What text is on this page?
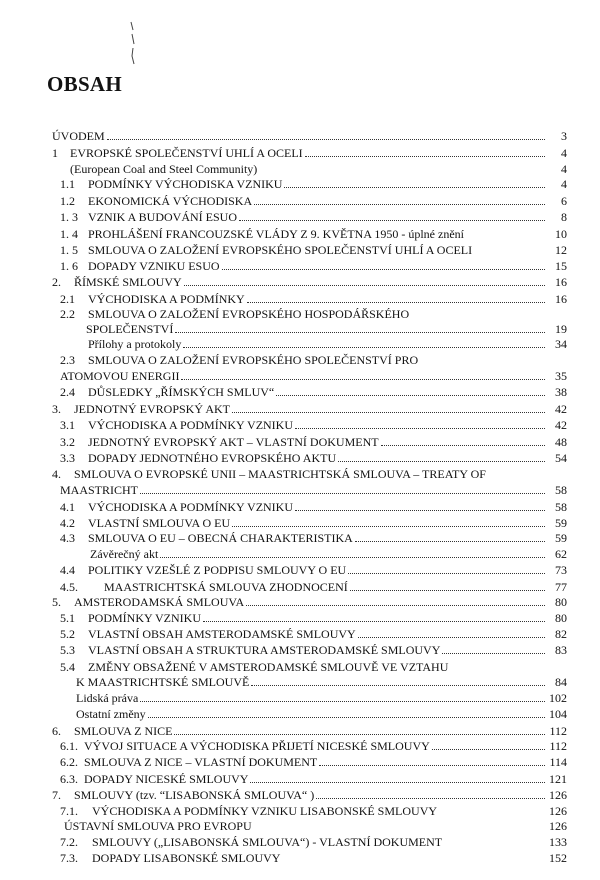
OBSAH
ÚVODEM	3
1 EVROPSKÉ SPOLEČENSTVÍ UHLÍ A OCELI	4
(European Coal and Steel Community)	4
1.1 PODMÍNKY VÝCHODISKA VZNIKU	4
1.2 EKONOMICKÁ VÝCHODISKA	6
1. 3 VZNIK A BUDOVÁNÍ ESUO	8
1. 4 PROHLÁŠENÍ FRANCOUZSKÉ VLÁDY Z 9. KVĚTNA 1950 - úplné znění	10
1. 5 SMLOUVA O ZALOŽENÍ EVROPSKÉHO SPOLEČENSTVÍ UHLÍ A OCELI	12
1. 6 DOPADY VZNIKU ESUO	15
2. ŘÍMSKÉ SMLOUVY	16
2.1 VÝCHODISKA A PODMÍNKY	16
2.2 SMLOUVA O ZALOŽENÍ EVROPSKÉHO HOSPODÁŘSKÉHO
SPOLEČENSTVÍ	19
Přílohy a protokoly	34
2.3 SMLOUVA O ZALOŽENÍ EVROPSKÉHO SPOLEČENSTVÍ PRO
ATOMOVOU ENERGII	35
2.4 DŮSLEDKY „ŘÍMSKÝCH SMLUV“	38
3. JEDNOTNÝ EVROPSKÝ AKT	42
3.1 VÝCHODISKA A PODMÍNKY VZNIKU	42
3.2 JEDNOTNÝ EVROPSKÝ AKT – VLASTNÍ DOKUMENT	48
3.3 DOPADY JEDNOTNÉHO EVROPSKÉHO AKTU	54
4. SMLOUVA O EVROPSKÉ UNII – MAASTRICHTSKÁ SMLOUVA – TREATY OF
MAASTRICHT	58
4.1 VÝCHODISKA A PODMÍNKY VZNIKU	58
4.2 VLASTNÍ SMLOUVA O EU	59
4.3 SMLOUVA O EU – OBECNÁ CHARAKTERISTIKA	59
Závěrečný akt	62
4.4 POLITIKY VZEŠLÉ Z PODPISU SMLOUVY O EU	73
4.5. MAASTRICHTSKÁ SMLOUVA ZHODNOCENÍ	77
5. AMSTERODAMSKÁ SMLOUVA	80
5.1 PODMÍNKY VZNIKU	80
5.2 VLASTNÍ OBSAH AMSTERODAMSKÉ SMLOUVY	82
5.3 VLASTNÍ OBSAH A STRUKTURA AMSTERODAMSKÉ SMLOUVY	83
5.4 ZMĚNY OBSAŽENÉ V AMSTERODAMSKÉ SMLOUVĚ VE VZTAHU
K MAASTRICHTSKÉ SMLOUVĚ	84
Lidská práva	102
Ostatní změny	104
6. SMLOUVA Z NICE	112
6.1. VÝVOJ SITUACE A VÝCHODISKA PŘIJETÍ NICESKÉ SMLOUVY	112
6.2. SMLOUVA Z NICE – VLASTNÍ DOKUMENT	114
6.3. DOPADY NICESKÉ SMLOUVY	121
7. SMLOUVY (tzv. “LISABONSKÁ SMLOUVA“ )	126
7.1. VÝCHODISKA A PODMÍNKY VZNIKU LISABONSKÉ SMLOUVY	126
ÚSTAVNÍ SMLOUVA PRO EVROPU	126
7.2. SMLOUVY („LISABONSKÁ SMLOUVA“) - VLASTNÍ DOKUMENT	133
7.3. DOPADY LISABONSKÉ SMLOUVY	152
